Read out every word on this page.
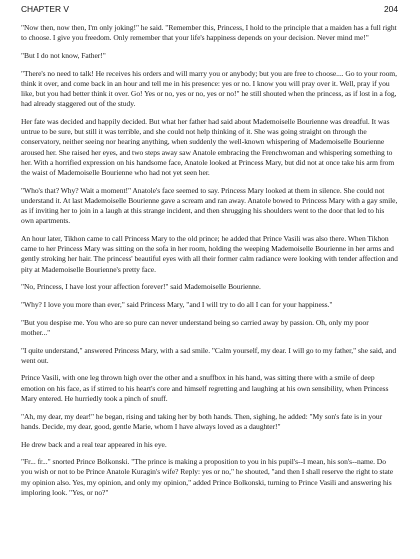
CHAPTER V	204

"Now then, now then, I'm only joking!" he said. "Remember this, Princess, I hold to the principle that a maiden has a full right to choose. I give you freedom. Only remember that your life's happiness depends on your decision. Never mind me!"

"But I do not know, Father!"

"There's no need to talk! He receives his orders and will marry you or anybody; but you are free to choose.... Go to your room, think it over, and come back in an hour and tell me in his presence: yes or no. I know you will pray over it. Well, pray if you like, but you had better think it over. Go! Yes or no, yes or no, yes or no!" he still shouted when the princess, as if lost in a fog, had already staggered out of the study.

Her fate was decided and happily decided. But what her father had said about Mademoiselle Bourienne was dreadful. It was untrue to be sure, but still it was terrible, and she could not help thinking of it. She was going straight on through the conservatory, neither seeing nor hearing anything, when suddenly the well-known whispering of Mademoiselle Bourienne aroused her. She raised her eyes, and two steps away saw Anatole embracing the Frenchwoman and whispering something to her. With a horrified expression on his handsome face, Anatole looked at Princess Mary, but did not at once take his arm from the waist of Mademoiselle Bourienne who had not yet seen her.

"Who's that? Why? Wait a moment!" Anatole's face seemed to say. Princess Mary looked at them in silence. She could not understand it. At last Mademoiselle Bourienne gave a scream and ran away. Anatole bowed to Princess Mary with a gay smile, as if inviting her to join in a laugh at this strange incident, and then shrugging his shoulders went to the door that led to his own apartments.

An hour later, Tikhon came to call Princess Mary to the old prince; he added that Prince Vasili was also there. When Tikhon came to her Princess Mary was sitting on the sofa in her room, holding the weeping Mademoiselle Bourienne in her arms and gently stroking her hair. The princess' beautiful eyes with all their former calm radiance were looking with tender affection and pity at Mademoiselle Bourienne's pretty face.

"No, Princess, I have lost your affection forever!" said Mademoiselle Bourienne.

"Why? I love you more than ever," said Princess Mary, "and I will try to do all I can for your happiness."

"But you despise me. You who are so pure can never understand being so carried away by passion. Oh, only my poor mother..."

"I quite understand," answered Princess Mary, with a sad smile. "Calm yourself, my dear. I will go to my father," she said, and went out.

Prince Vasili, with one leg thrown high over the other and a snuffbox in his hand, was sitting there with a smile of deep emotion on his face, as if stirred to his heart's core and himself regretting and laughing at his own sensibility, when Princess Mary entered. He hurriedly took a pinch of snuff.

"Ah, my dear, my dear!" he began, rising and taking her by both hands. Then, sighing, he added: "My son's fate is in your hands. Decide, my dear, good, gentle Marie, whom I have always loved as a daughter!"

He drew back and a real tear appeared in his eye.

"Fr... fr..." snorted Prince Bolkonski. "The prince is making a proposition to you in his pupil's--I mean, his son's--name. Do you wish or not to be Prince Anatole Kuragin's wife? Reply: yes or no," he shouted, "and then I shall reserve the right to state my opinion also. Yes, my opinion, and only my opinion," added Prince Bolkonski, turning to Prince Vasili and answering his imploring look. "Yes, or no?"
